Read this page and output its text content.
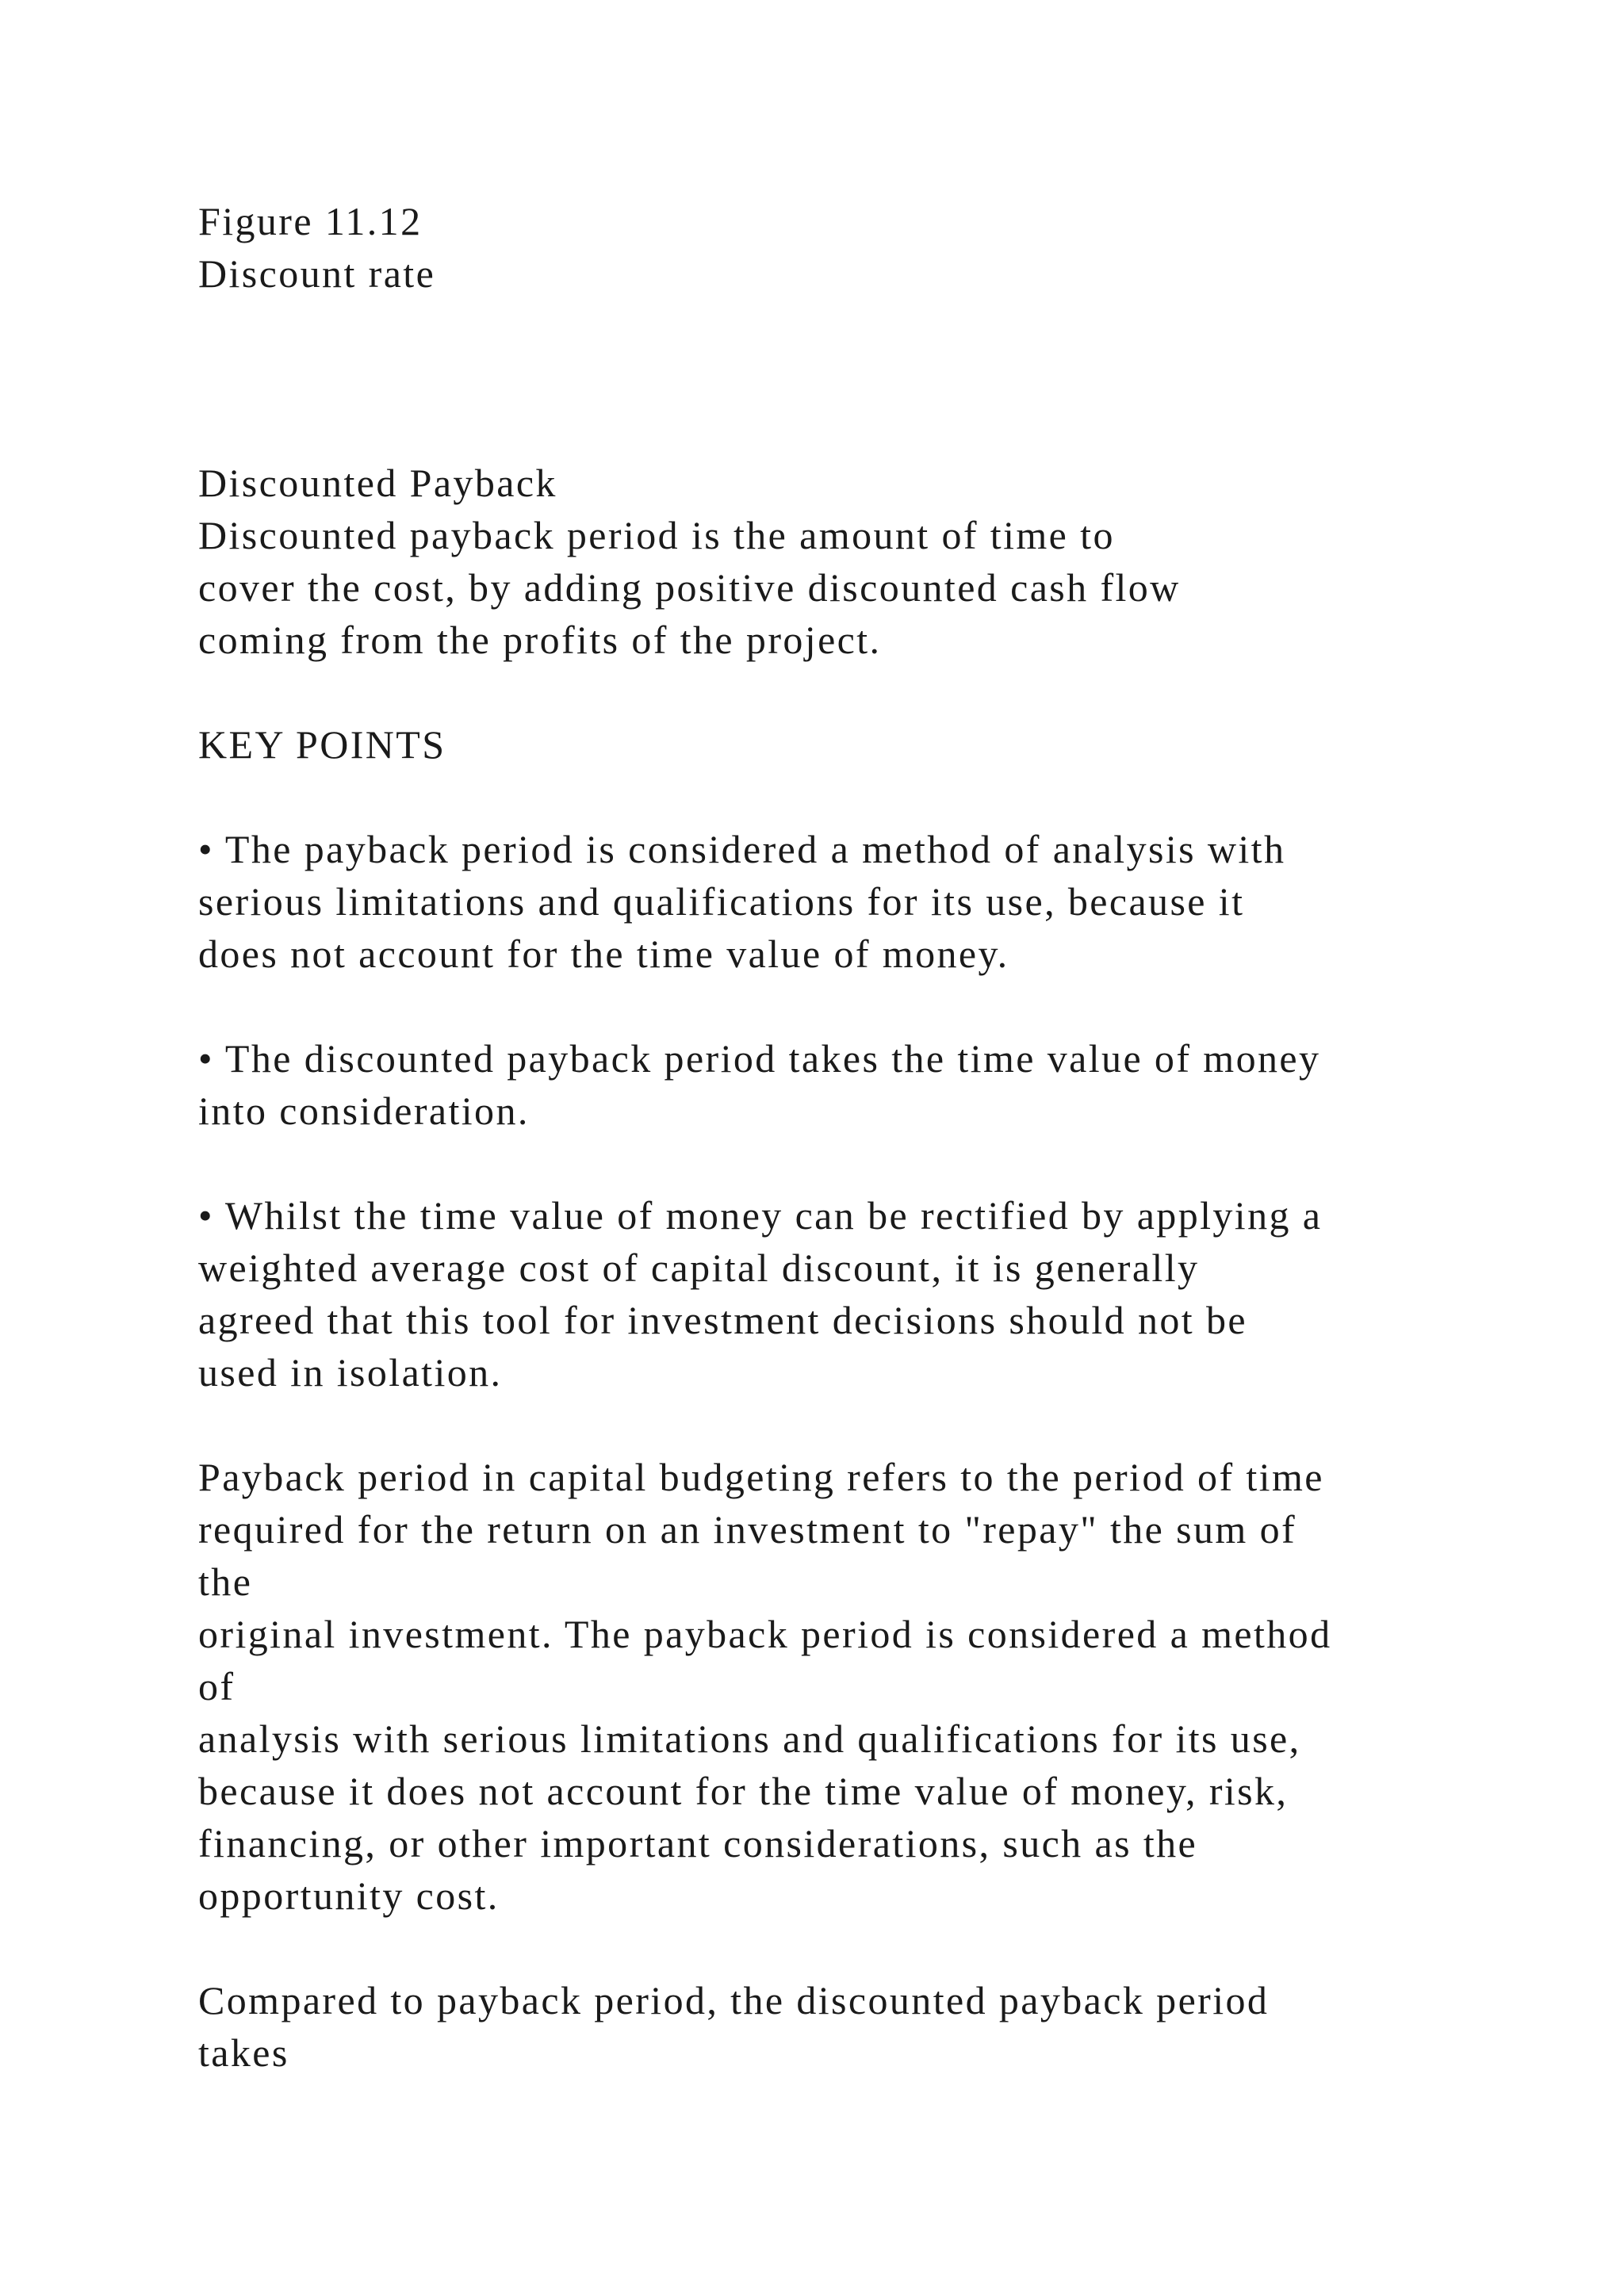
Figure 11.12

Discount rate

Discounted Payback

Discounted payback period is the amount of time to

cover the cost, by adding positive discounted cash flow

coming from the profits of the project.

KEY POINTS

• The payback period is considered a method of analysis with

serious limitations and qualifications for its use, because it

does not account for the time value of money.

• The discounted payback period takes the time value of money

into consideration.

• Whilst the time value of money can be rectified by applying a

weighted average cost of capital discount, it is generally

agreed that this tool for investment decisions should not be

used in isolation.

Payback period in capital budgeting refers to the period of time

required for the return on an investment to "repay" the sum of

the

original investment. The payback period is considered a method

of

analysis with serious limitations and qualifications for its use,

because it does not account for the time value of money, risk,

financing, or other important considerations, such as the

opportunity cost.

Compared to payback period, the discounted payback period

takes
